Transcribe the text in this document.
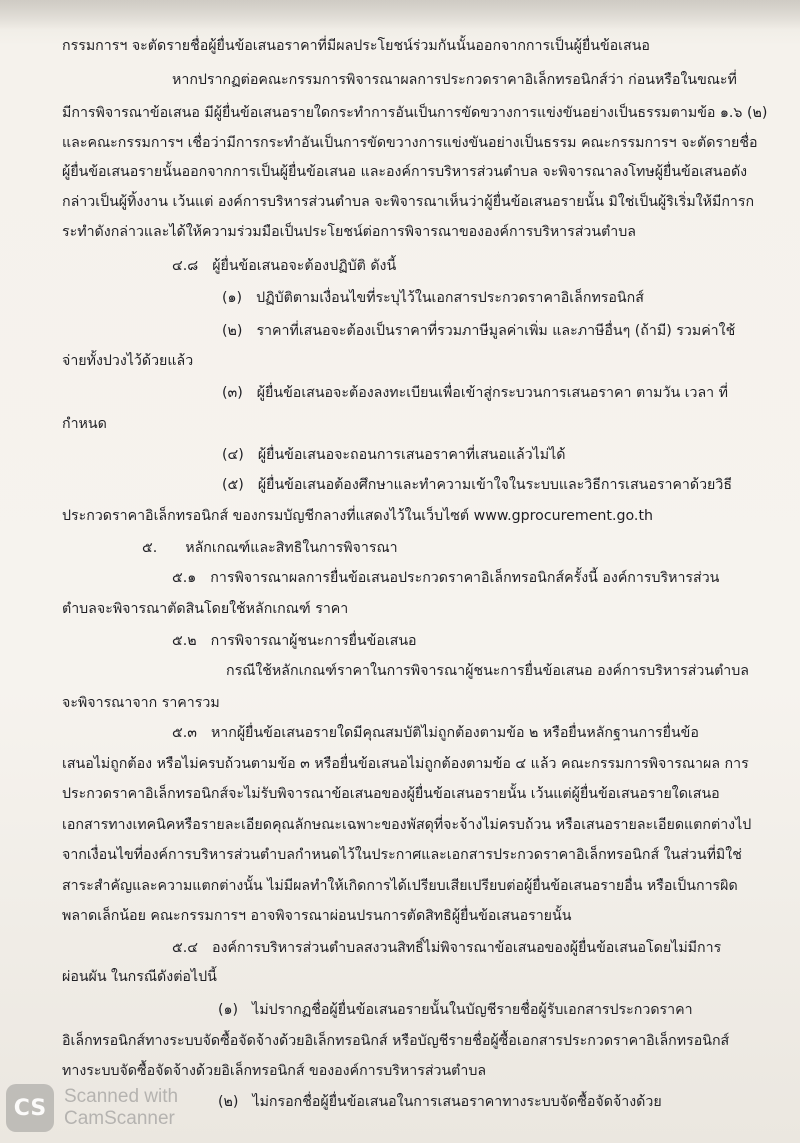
กรรมการฯ จะตัดรายชื่อผู้ยื่นข้อเสนอราคาที่มีผลประโยชน์ร่วมกันนั้นออกจากการเป็นผู้ยื่นข้อเสนอ
หากปรากฏต่อคณะกรรมการพิจารณาผลการประกวดราคาอิเล็กทรอนิกส์ว่า ก่อนหรือในขณะที่
มีการพิจารณาข้อเสนอ มีผู้ยื่นข้อเสนอรายใดกระทำการอันเป็นการขัดขวางการแข่งขันอย่างเป็นธรรมตามข้อ ๑.๖ (๒)
และคณะกรรมการฯ เชื่อว่ามีการกระทำอันเป็นการขัดขวางการแข่งขันอย่างเป็นธรรม คณะกรรมการฯ จะตัดรายชื่อ
ผู้ยื่นข้อเสนอรายนั้นออกจากการเป็นผู้ยื่นข้อเสนอ และองค์การบริหารส่วนตำบล จะพิจารณาลงโทษผู้ยื่นข้อเสนอดัง
กล่าวเป็นผู้ทิ้งงาน เว้นแต่ องค์การบริหารส่วนตำบล จะพิจารณาเห็นว่าผู้ยื่นข้อเสนอรายนั้น มิใช่เป็นผู้ริเริ่มให้มีการก
ระทำดังกล่าวและได้ให้ความร่วมมือเป็นประโยชน์ต่อการพิจารณาขององค์การบริหารส่วนตำบล
๔.๘ ผู้ยื่นข้อเสนอจะต้องปฏิบัติ ดังนี้
(๑) ปฏิบัติตามเงื่อนไขที่ระบุไว้ในเอกสารประกวดราคาอิเล็กทรอนิกส์
(๒) ราคาที่เสนอจะต้องเป็นราคาที่รวมภาษีมูลค่าเพิ่ม และภาษีอื่นๆ (ถ้ามี) รวมค่าใช้
จ่ายทั้งปวงไว้ด้วยแล้ว
(๓) ผู้ยื่นข้อเสนอจะต้องลงทะเบียนเพื่อเข้าสู่กระบวนการเสนอราคา ตามวัน เวลา ที่
กำหนด
(๔) ผู้ยื่นข้อเสนอจะถอนการเสนอราคาที่เสนอแล้วไม่ได้
(๕) ผู้ยื่นข้อเสนอต้องศึกษาและทำความเข้าใจในระบบและวิธีการเสนอราคาด้วยวิธี
ประกวดราคาอิเล็กทรอนิกส์ ของกรมบัญชีกลางที่แสดงไว้ในเว็บไซต์ www.gprocurement.go.th
๕. หลักเกณฑ์และสิทธิในการพิจารณา
๕.๑ การพิจารณาผลการยื่นข้อเสนอประกวดราคาอิเล็กทรอนิกส์ครั้งนี้ องค์การบริหารส่วน
ตำบลจะพิจารณาตัดสินโดยใช้หลักเกณฑ์ ราคา
๕.๒ การพิจารณาผู้ชนะการยื่นข้อเสนอ
กรณีใช้หลักเกณฑ์ราคาในการพิจารณาผู้ชนะการยื่นข้อเสนอ องค์การบริหารส่วนตำบล
จะพิจารณาจาก ราคารวม
๕.๓ หากผู้ยื่นข้อเสนอรายใดมีคุณสมบัติไม่ถูกต้องตามข้อ ๒ หรือยื่นหลักฐานการยื่นข้อ
เสนอไม่ถูกต้อง หรือไม่ครบถ้วนตามข้อ ๓ หรือยื่นข้อเสนอไม่ถูกต้องตามข้อ ๔ แล้ว คณะกรรมการพิจารณาผล การ
ประกวดราคาอิเล็กทรอนิกส์จะไม่รับพิจารณาข้อเสนอของผู้ยื่นข้อเสนอรายนั้น เว้นแต่ผู้ยื่นข้อเสนอรายใดเสนอ
เอกสารทางเทคนิคหรือรายละเอียดคุณลักษณะเฉพาะของพัสดุที่จะจ้างไม่ครบถ้วน หรือเสนอรายละเอียดแตกต่างไป
จากเงื่อนไขที่องค์การบริหารส่วนตำบลกำหนดไว้ในประกาศและเอกสารประกวดราคาอิเล็กทรอนิกส์ ในส่วนที่มิใช่
สาระสำคัญและความแตกต่างนั้น ไม่มีผลทำให้เกิดการได้เปรียบเสียเปรียบต่อผู้ยื่นข้อเสนอรายอื่น หรือเป็นการผิด
พลาดเล็กน้อย คณะกรรมการฯ อาจพิจารณาผ่อนปรนการตัดสิทธิผู้ยื่นข้อเสนอรายนั้น
๕.๔ องค์การบริหารส่วนตำบลสงวนสิทธิ์ไม่พิจารณาข้อเสนอของผู้ยื่นข้อเสนอโดยไม่มีการ
ผ่อนผัน ในกรณีดังต่อไปนี้
(๑) ไม่ปรากฏชื่อผู้ยื่นข้อเสนอรายนั้นในบัญชีรายชื่อผู้รับเอกสารประกวดราคา
อิเล็กทรอนิกส์ทางระบบจัดซื้อจัดจ้างด้วยอิเล็กทรอนิกส์ หรือบัญชีรายชื่อผู้ซื้อเอกสารประกวดราคาอิเล็กทรอนิกส์
ทางระบบจัดซื้อจัดจ้างด้วยอิเล็กทรอนิกส์ ขององค์การบริหารส่วนตำบล
(๒) ไม่กรอกชื่อผู้ยื่นข้อเสนอในการเสนอราคาทางระบบจัดซื้อจัดจ้างด้วย
CS Scanned with
CamScanner
